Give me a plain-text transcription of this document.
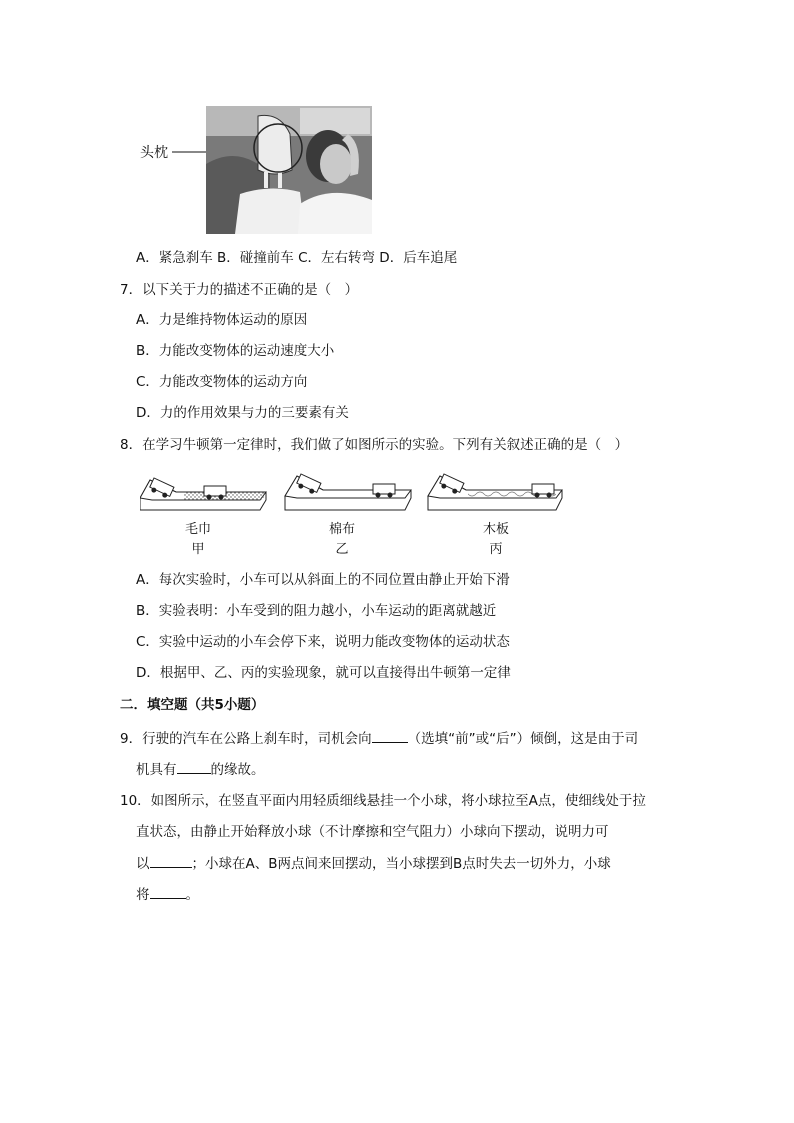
头枕
A．紧急刹车 B．碰撞前车 C．左右转弯 D．后车追尾
7．以下关于力的描述不正确的是（　）
A．力是维持物体运动的原因
B．力能改变物体的运动速度大小
C．力能改变物体的运动方向
D．力的作用效果与力的三要素有关
8．在学习牛顿第一定律时，我们做了如图所示的实验。下列有关叙述正确的是（　）
毛巾
甲
棉布
乙
木板
丙
A．每次实验时，小车可以从斜面上的不同位置由静止开始下滑
B．实验表明：小车受到的阻力越小，小车运动的距离就越近
C．实验中运动的小车会停下来，说明力能改变物体的运动状态
D．根据甲、乙、丙的实验现象，就可以直接得出牛顿第一定律
二．填空题（共5小题）
9．行驶的汽车在公路上刹车时，司机会向	（选填“前”或“后”）倾倒，这是由于司
机具有	的缘故。
10．如图所示，在竖直平面内用轻质细线悬挂一个小球，将小球拉至A点，使细线处于拉
直状态，由静止开始释放小球（不计摩擦和空气阻力）小球向下摆动，说明力可
以	；小球在A、B两点间来回摆动，当小球摆到B点时失去一切外力，小球
将	。
